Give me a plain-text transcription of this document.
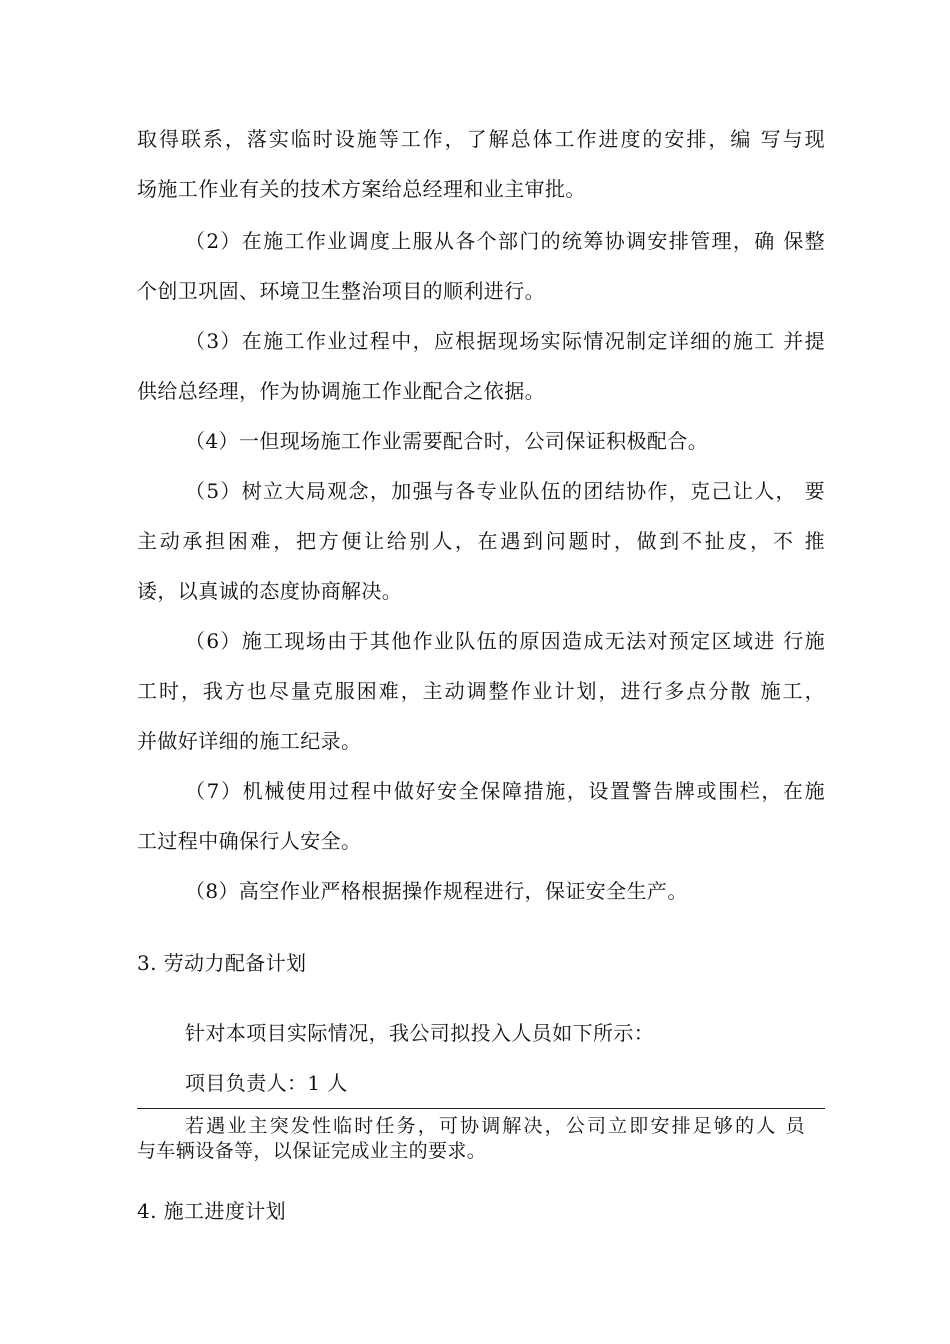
取得联系，落实临时设施等工作，了解总体工作进度的安排，编 写与现
场施工作业有关的技术方案给总经理和业主审批。
（2）在施工作业调度上服从各个部门的统筹协调安排管理，确 保整
个创卫巩固、环境卫生整治项目的顺利进行。
（3）在施工作业过程中，应根据现场实际情况制定详细的施工 并提
供给总经理，作为协调施工作业配合之依据。
（4）一但现场施工作业需要配合时，公司保证积极配合。
（5）树立大局观念，加强与各专业队伍的团结协作，克己让人， 要
主动承担困难，把方便让给别人，在遇到问题时，做到不扯皮，不 推
诿，以真诚的态度协商解决。
（6）施工现场由于其他作业队伍的原因造成无法对预定区域进 行施
工时，我方也尽量克服困难，主动调整作业计划，进行多点分散 施工，
并做好详细的施工纪录。
（7）机械使用过程中做好安全保障措施，设置警告牌或围栏，在施
工过程中确保行人安全。
（8）高空作业严格根据操作规程进行，保证安全生产。
3. 劳动力配备计划
针对本项目实际情况，我公司拟投入人员如下所示：
项目负责人：1 人
若遇业主突发性临时任务，可协调解决，公司立即安排足够的人 员
与车辆设备等，以保证完成业主的要求。
4. 施工进度计划
